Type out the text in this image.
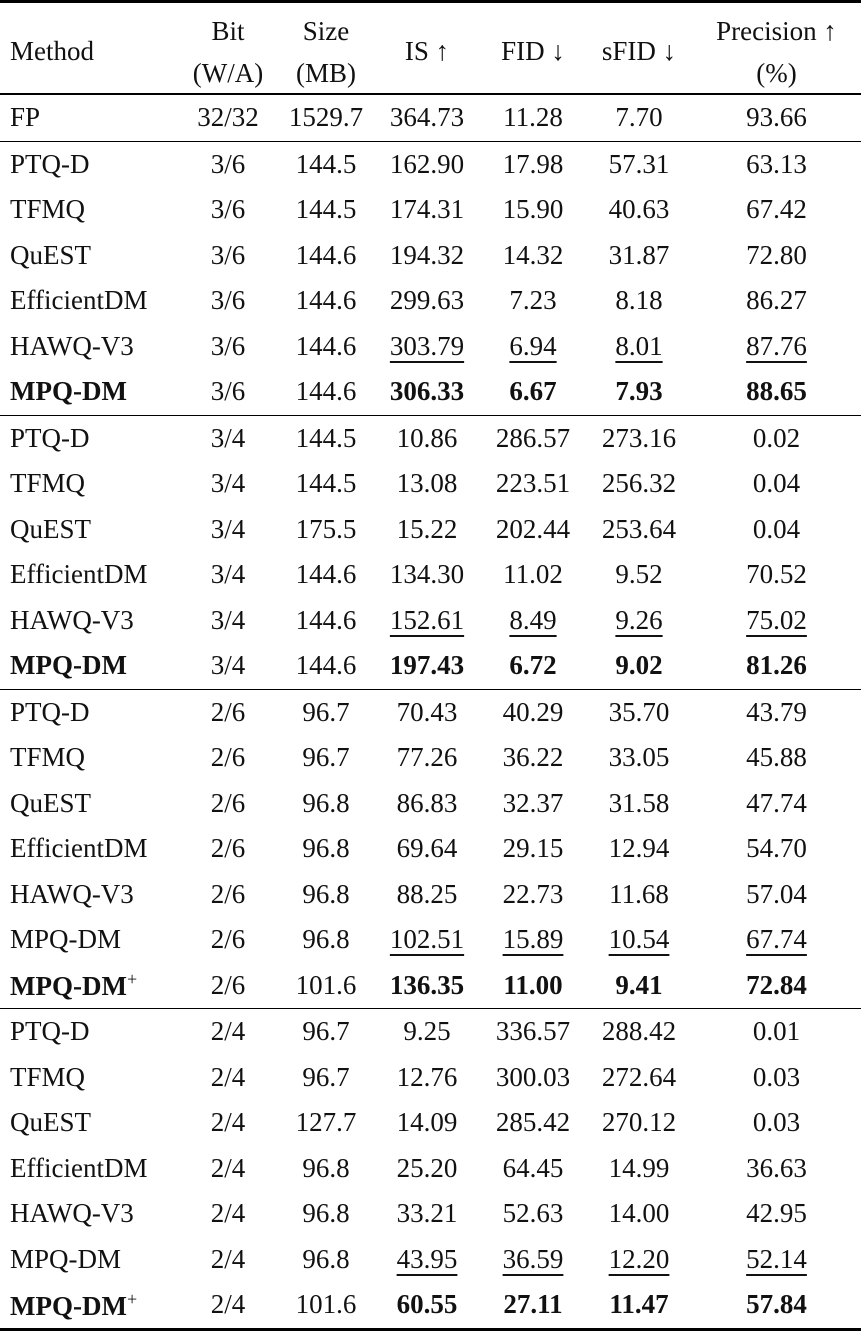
Method	Bit	Size	IS ↑	FID ↓	sFID ↓	Precision ↑
	(W/A)	(MB)				(%)
FP	32/32	1529.7	364.73	11.28	7.70	93.66
PTQ-D	3/6	144.5	162.90	17.98	57.31	63.13
TFMQ	3/6	144.5	174.31	15.90	40.63	67.42
QuEST	3/6	144.6	194.32	14.32	31.87	72.80
EfficientDM	3/6	144.6	299.63	7.23	8.18	86.27
HAWQ-V3	3/6	144.6	303.79	6.94	8.01	87.76
MPQ-DM	3/6	144.6	306.33	6.67	7.93	88.65
PTQ-D	3/4	144.5	10.86	286.57	273.16	0.02
TFMQ	3/4	144.5	13.08	223.51	256.32	0.04
QuEST	3/4	175.5	15.22	202.44	253.64	0.04
EfficientDM	3/4	144.6	134.30	11.02	9.52	70.52
HAWQ-V3	3/4	144.6	152.61	8.49	9.26	75.02
MPQ-DM	3/4	144.6	197.43	6.72	9.02	81.26
PTQ-D	2/6	96.7	70.43	40.29	35.70	43.79
TFMQ	2/6	96.7	77.26	36.22	33.05	45.88
QuEST	2/6	96.8	86.83	32.37	31.58	47.74
EfficientDM	2/6	96.8	69.64	29.15	12.94	54.70
HAWQ-V3	2/6	96.8	88.25	22.73	11.68	57.04
MPQ-DM	2/6	96.8	102.51	15.89	10.54	67.74
MPQ-DM+	2/6	101.6	136.35	11.00	9.41	72.84
PTQ-D	2/4	96.7	9.25	336.57	288.42	0.01
TFMQ	2/4	96.7	12.76	300.03	272.64	0.03
QuEST	2/4	127.7	14.09	285.42	270.12	0.03
EfficientDM	2/4	96.8	25.20	64.45	14.99	36.63
HAWQ-V3	2/4	96.8	33.21	52.63	14.00	42.95
MPQ-DM	2/4	96.8	43.95	36.59	12.20	52.14
MPQ-DM+	2/4	101.6	60.55	27.11	11.47	57.84
